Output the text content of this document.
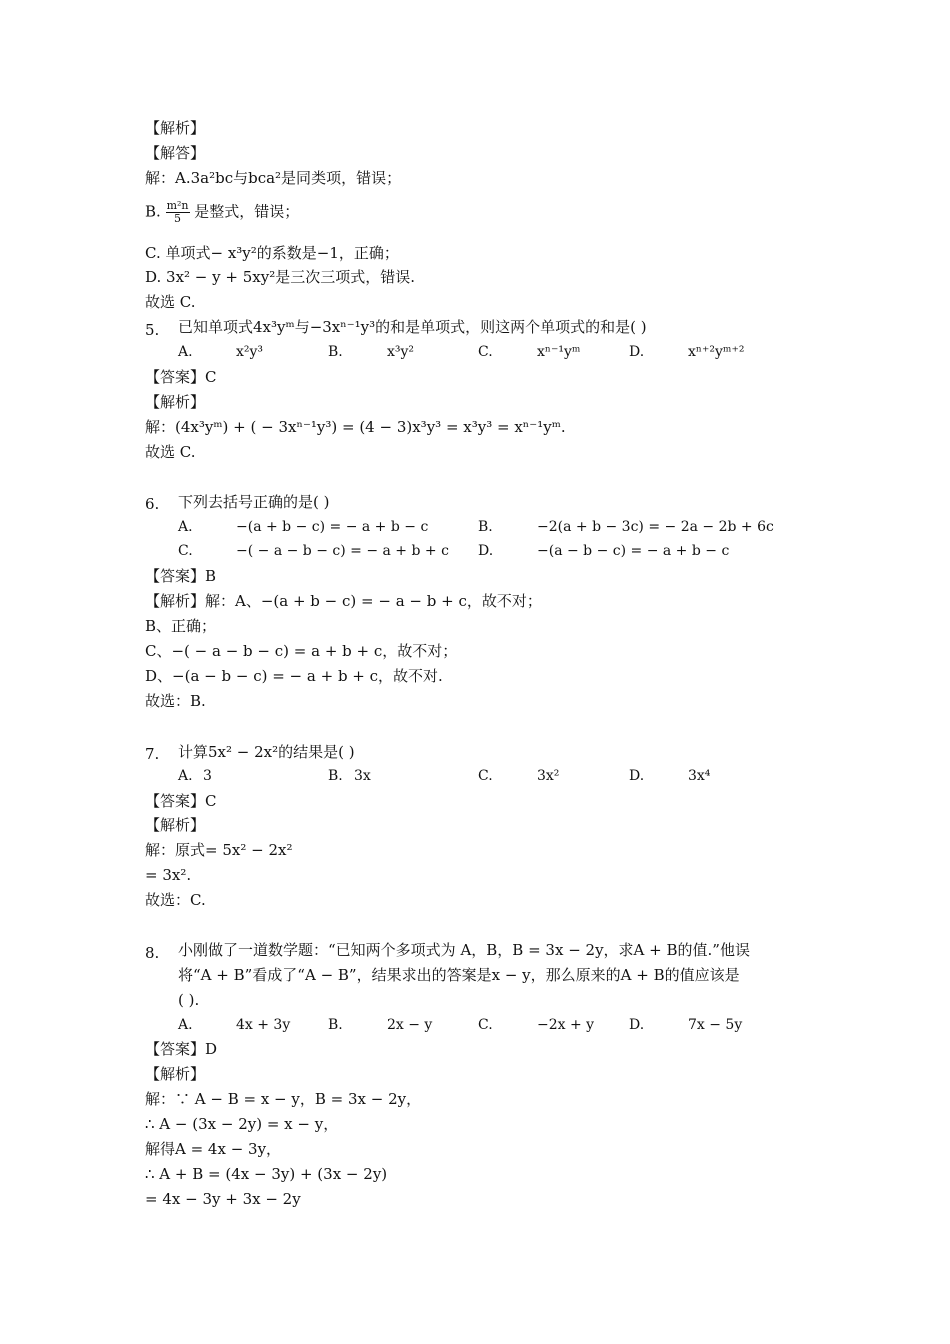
【解析】
【解答】
解：A.3a²bc与bca²是同类项，错误；
B. $\frac{\text{m²n}}{5}$ 是整式，错误；
C. 单项式− x³y²的系数是−1，正确；
D. 3x² − y + 5xy²是三次三项式，错误.
故选 C.
5. 已知单项式4x³yᵐ与−3xⁿ⁻¹y³的和是单项式，则这两个单项式的和是( )
A.	x²y³	B.	x³y²	C.	xⁿ⁻¹yᵐ	D.	xⁿ⁺²yᵐ⁺²
【答案】C
【解析】
解：(4x³yᵐ) + ( − 3xⁿ⁻¹y³) = (4 − 3)x³y³ = x³y³ = xⁿ⁻¹yᵐ.
故选 C.
6. 下列去括号正确的是( )
A.	−(a + b − c) = − a + b − c	B.	−2(a + b − 3c) = − 2a − 2b + 6c
C.	−( − a − b − c) = − a + b + c D.	−(a − b − c) = − a + b − c
【答案】B
【解析】解：A、−(a + b − c) = − a − b + c，故不对；
B、正确；
C、−( − a − b − c) = a + b + c，故不对；
D、−(a − b − c) = − a + b + c，故不对.
故选：B.
7. 计算5x² − 2x²的结果是( )
A. 3	B. 3x	C.	3x²	D.	3x⁴
【答案】C
【解析】
解：原式= 5x² − 2x²
= 3x².
故选：C.
8. 小刚做了一道数学题：“已知两个多项式为 A，B，B = 3x − 2y，求A + B的值.”他误
将“A + B”看成了“A − B”，结果求出的答案是x − y，那么原来的A + B的值应该是
( ).
A.	4x + 3y	B.	2x − y	C.	−2x + y D.	7x − 5y
【答案】D
【解析】
解：∵ A − B = x − y，B = 3x − 2y，
∴ A − (3x − 2y) = x − y，
解得A = 4x − 3y，
∴ A + B = (4x − 3y) + (3x − 2y)
= 4x − 3y + 3x − 2y
